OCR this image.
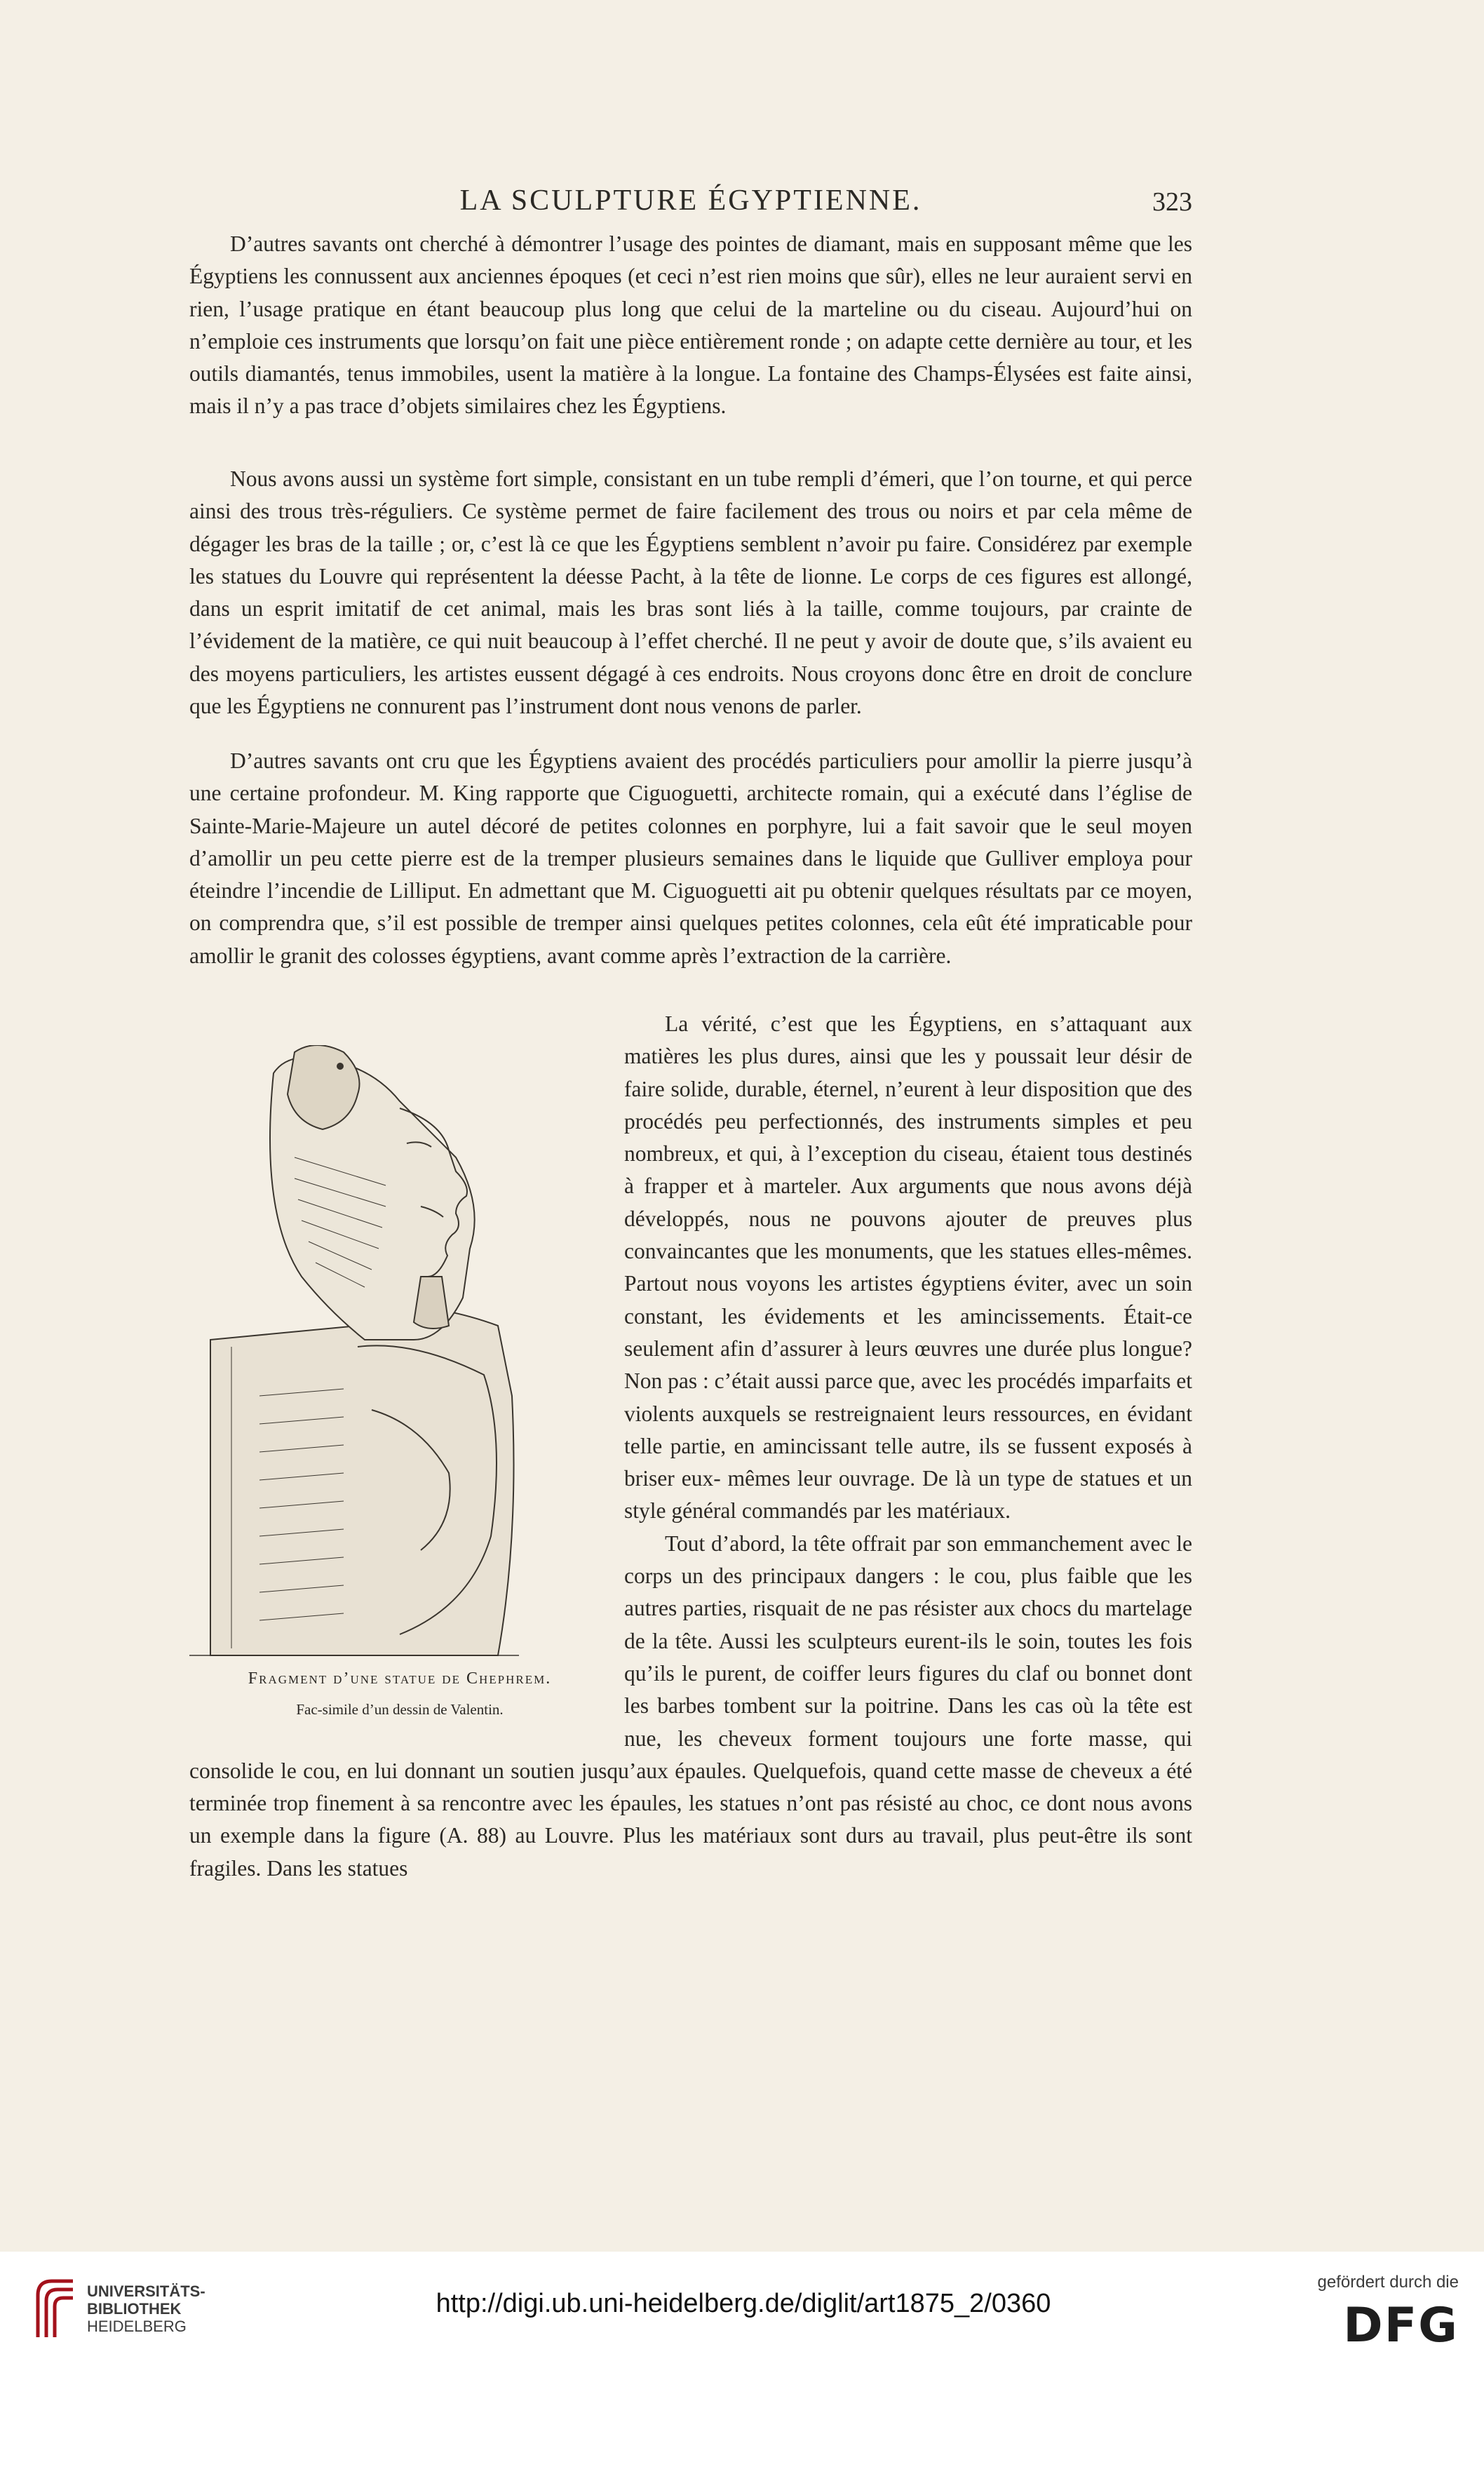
LA SCULPTURE ÉGYPTIENNE.	323

D’autres savants ont cherché à démontrer l’usage des pointes de diamant, mais en supposant même que les Égyptiens les connussent aux anciennes époques (et ceci n’est rien moins que sûr), elles ne leur auraient servi en rien, l’usage pratique en étant beaucoup plus long que celui de la marteline ou du ciseau. Aujourd’hui on n’emploie ces instruments que lorsqu’on fait une pièce entièrement ronde ; on adapte cette dernière au tour, et les outils diamantés, tenus immobiles, usent la matière à la longue. La fontaine des Champs-Élysées est faite ainsi, mais il n’y a pas trace d’objets similaires chez les Égyptiens.

Nous avons aussi un système fort simple, consistant en un tube rempli d’émeri, que l’on tourne, et qui perce ainsi des trous très-réguliers. Ce système permet de faire facilement des trous ou noirs et par cela même de dégager les bras de la taille ; or, c’est là ce que les Égyptiens semblent n’avoir pu faire. Considérez par exemple les statues du Louvre qui représentent la déesse Pacht, à la tête de lionne. Le corps de ces figures est allongé, dans un esprit imitatif de cet animal, mais les bras sont liés à la taille, comme toujours, par crainte de l’évidement de la matière, ce qui nuit beaucoup à l’effet cherché. Il ne peut y avoir de doute que, s’ils avaient eu des moyens particuliers, les artistes eussent dégagé à ces endroits. Nous croyons donc être en droit de conclure que les Égyptiens ne connurent pas l’instrument dont nous venons de parler.

D’autres savants ont cru que les Égyptiens avaient des procédés particuliers pour amollir la pierre jusqu’à une certaine profondeur. M. King rapporte que Ciguoguetti, architecte romain, qui a exécuté dans l’église de Sainte-Marie-Majeure un autel décoré de petites colonnes en porphyre, lui a fait savoir que le seul moyen d’amollir un peu cette pierre est de la tremper plusieurs semaines dans le liquide que Gulliver employa pour éteindre l’incendie de Lilliput. En admettant que M. Ciguoguetti ait pu obtenir quelques résultats par ce moyen, on comprendra que, s’il est possible de tremper ainsi quelques petites colonnes, cela eût été impraticable pour amollir le granit des colosses égyptiens, avant comme après l’extraction de la carrière.

La vérité, c’est que les Égyptiens, en s’attaquant aux matières les plus dures, ainsi que les y poussait leur désir de faire solide, durable, éternel, n’eurent à leur disposition que des procédés peu perfectionnés, des instruments simples et peu nombreux, et qui, à l’exception du ciseau, étaient tous destinés à frapper et à marteler. Aux arguments que nous avons déjà développés, nous ne pouvons ajouter de preuves plus convaincantes que les monuments, que les statues elles-mêmes. Partout nous voyons les artistes égyptiens éviter, avec un soin constant, les évidements et les amincissements. Était-ce seulement afin d’assurer à leurs œuvres une durée plus longue? Non pas : c’était aussi parce que, avec les procédés imparfaits et violents auxquels se restreignaient leurs ressources, en évidant telle partie, en amincissant telle autre, ils se fussent exposés à briser eux- mêmes leur ouvrage. De là un type de statues et un style général commandés par les matériaux.
Tout d’abord, la tête offrait par son emmanchement avec le corps un des principaux dangers : le cou, plus faible que les autres parties, risquait de ne pas résister aux chocs du martelage de la tête. Aussi les sculpteurs eurent-ils le soin, toutes les fois qu’ils le purent, de coiffer leurs figures du claf ou bonnet dont les barbes tombent sur la poitrine. Dans les cas où la tête est nue, les cheveux forment toujours une forte masse, qui consolide le cou, en lui donnant un soutien jusqu’aux épaules. Quelquefois, quand cette masse de cheveux a été terminée trop finement à sa rencontre avec les épaules, les statues n’ont pas résisté au choc, ce dont nous avons un exemple dans la figure (A. 88) au Louvre. Plus les matériaux sont durs au travail, plus peut-être ils sont fragiles. Dans les statues
Fragment d’une statue de Chephrem.
Fac-simile d’un dessin de Valentin.
UNIVERSITÄTS-
BIBLIOTHEK
HEIDELBERG
http://digi.ub.uni-heidelberg.de/diglit/art1875_2/0360
gefördert durch die
DFG
